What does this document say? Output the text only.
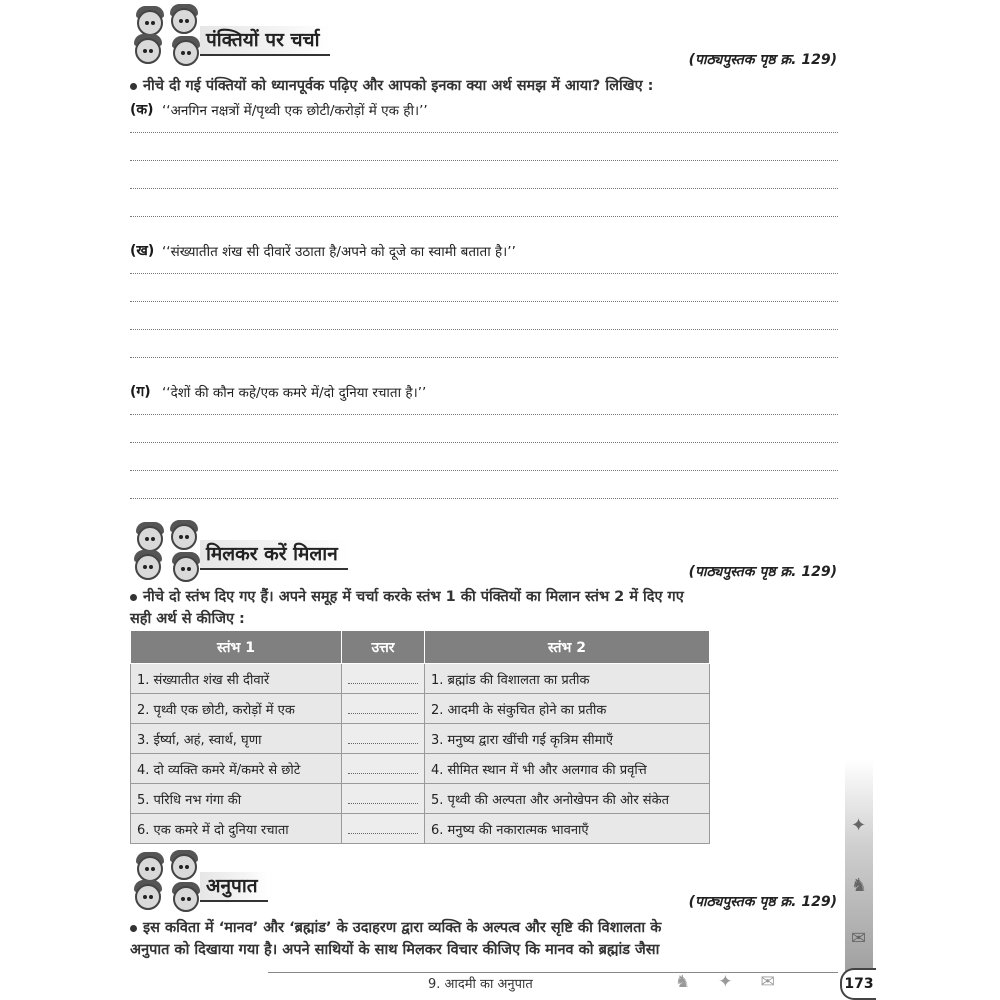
पंक्तियों पर चर्चा
(पाठ्यपुस्तक पृष्ठ क्र. 129)
नीचे दी गई पंक्तियों को ध्यानपूर्वक पढ़िए और आपको इनका क्या अर्थ समझ में आया? लिखिए :
(क) ‘‘अनगिन नक्षत्रों में/पृथ्वी एक छोटी/करोड़ों में एक ही।’’
(ख) ‘‘संख्यातीत शंख सी दीवारें उठाता है/अपने को दूजे का स्वामी बताता है।’’
(ग) ‘‘देशों की कौन कहे/एक कमरे में/दो दुनिया रचाता है।’’
मिलकर करें मिलान
(पाठ्यपुस्तक पृष्ठ क्र. 129)
नीचे दो स्तंभ दिए गए हैं। अपने समूह में चर्चा करके स्तंभ 1 की पंक्तियों का मिलान स्तंभ 2 में दिए गए
सही अर्थ से कीजिए :
स्तंभ 1	उत्तर	स्तंभ 2
1. संख्यातीत शंख सी दीवारें		1. ब्रह्मांड की विशालता का प्रतीक
2. पृथ्वी एक छोटी, करोड़ों में एक		2. आदमी के संकुचित होने का प्रतीक
3. ईर्ष्या, अहं, स्वार्थ, घृणा		3. मनुष्य द्वारा खींची गई कृत्रिम सीमाएँ
4. दो व्यक्ति कमरे में/कमरे से छोटे		4. सीमित स्थान में भी और अलगाव की प्रवृत्ति
5. परिधि नभ गंगा की		5. पृथ्वी की अल्पता और अनोखेपन की ओर संकेत
6. एक कमरे में दो दुनिया रचाता		6. मनुष्य की नकारात्मक भावनाएँ
अनुपात
(पाठ्यपुस्तक पृष्ठ क्र. 129)
इस कविता में ‘मानव’ और ‘ब्रह्मांड’ के उदाहरण द्वारा व्यक्ति के अल्पत्व और सृष्टि की विशालता के
अनुपात को दिखाया गया है। अपने साथियों के साथ मिलकर विचार कीजिए कि मानव को ब्रह्मांड जैसा
✦
♞
✉
9. आदमी का अनुपात	♞✦✉	173
